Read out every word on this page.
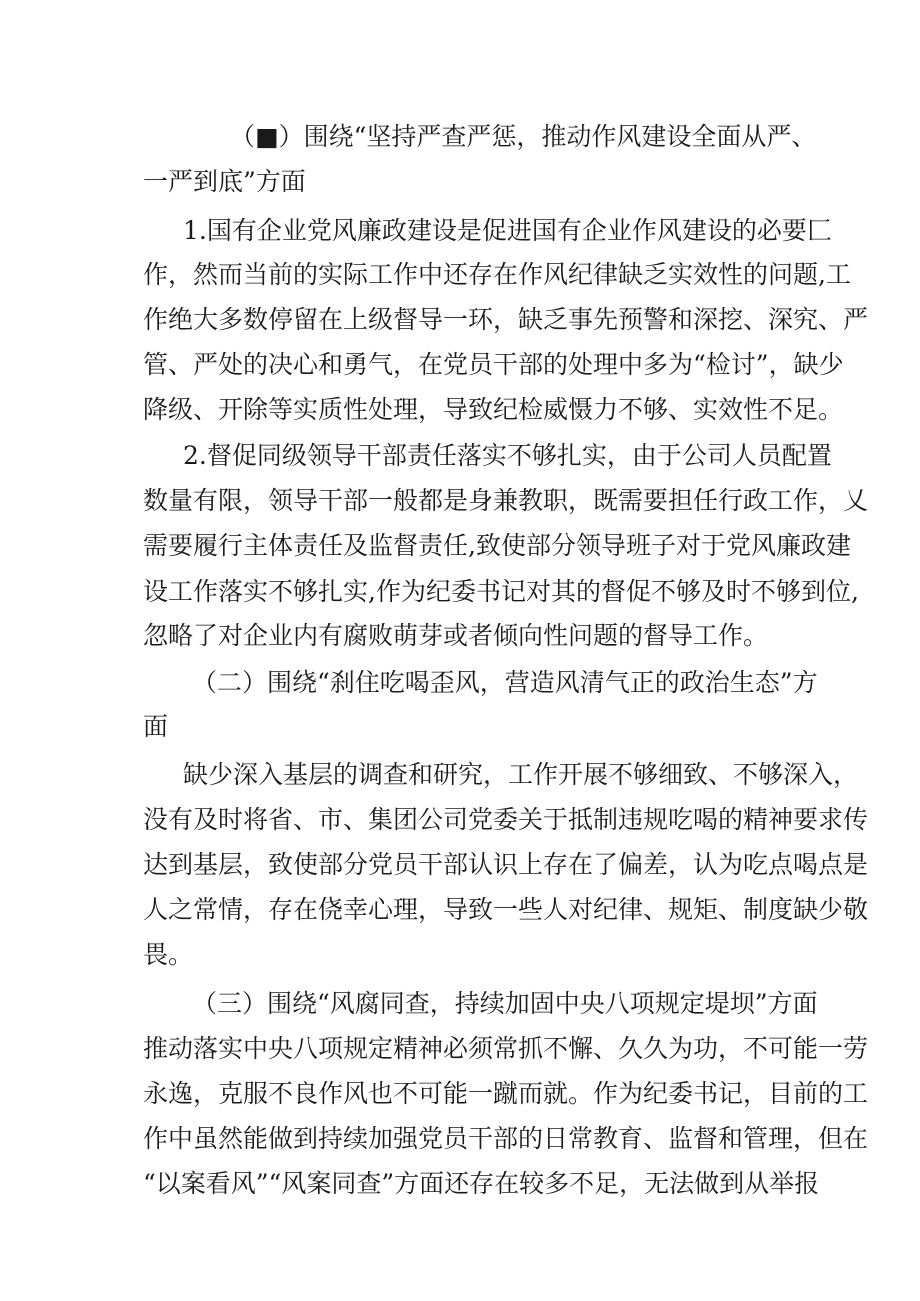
（■）围绕“坚持严查严惩，推动作风建设全面从严、
一严到底”方面
1.国有企业党风廉政建设是促进国有企业作风建设的必要匚
作，然而当前的实际工作中还存在作风纪律缺乏实效性的问题,工
作绝大多数停留在上级督导一环，缺乏事先预警和深挖、深究、严
管、严处的决心和勇气，在党员干部的处理中多为“检讨”，缺少
降级、开除等实质性处理，导致纪检威慑力不够、实效性不足。
2.督促同级领导干部责任落实不够扎实，由于公司人员配置
数量有限，领导干部一般都是身兼教职，既需要担任行政工作，乂
需要履行主体责任及监督责任,致使部分领导班子对于党风廉政建
设工作落实不够扎实,作为纪委书记对其的督促不够及时不够到位,
忽略了对企业内有腐败萌芽或者倾向性问题的督导工作。
（二）围绕“刹住吃喝歪风，营造风清气正的政治生态”方
面
缺少深入基层的调查和研究，工作开展不够细致、不够深入，
没有及时将省、市、集团公司党委关于抵制违规吃喝的精神要求传
达到基层，致使部分党员干部认识上存在了偏差，认为吃点喝点是
人之常情，存在侥幸心理，导致一些人对纪律、规矩、制度缺少敬
畏。
（三）围绕“风腐同查，持续加固中央八项规定堤坝”方面
推动落实中央八项规定精神必须常抓不懈、久久为功，不可能一劳
永逸，克服不良作风也不可能一蹴而就。作为纪委书记，目前的工
作中虽然能做到持续加强党员干部的日常教育、监督和管理，但在
“以案看风”“风案同查”方面还存在较多不足，无法做到从举报
